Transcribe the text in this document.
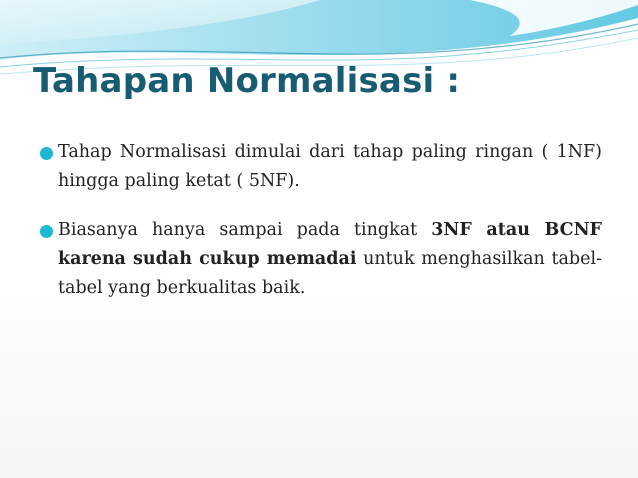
Tahapan Normalisasi :

Tahap Normalisasi dimulai dari tahap paling ringan ( 1NF) hingga paling ketat ( 5NF).

Biasanya hanya sampai pada tingkat 3NF atau BCNF karena sudah cukup memadai untuk menghasilkan tabel-tabel yang berkualitas baik.
